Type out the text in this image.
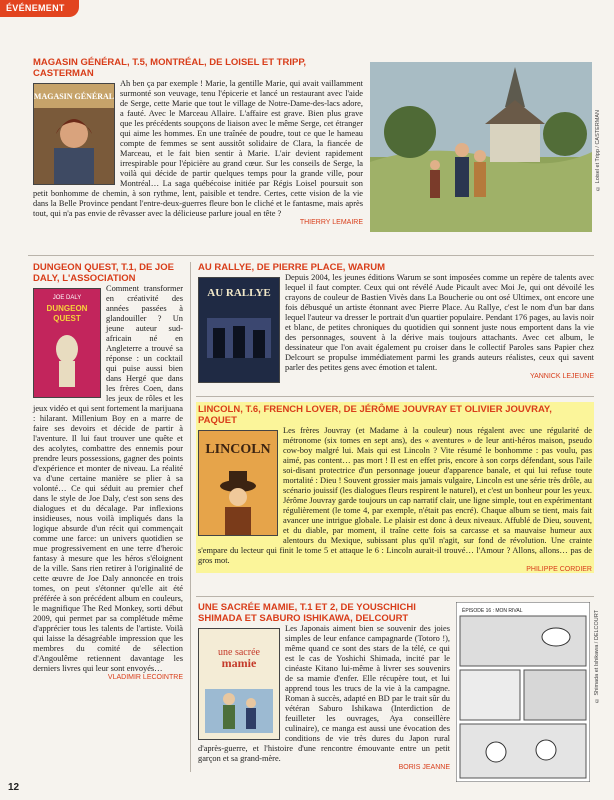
ÉVÉNEMENT

MAGASIN GÉNÉRAL, T.5, MONTRÉAL, DE LOISEL ET TRIPP, CASTERMAN

MAGASIN GÉNÉRAL

Ah ben ça par exemple ! Marie, la gentille Marie, qui avait vaillamment surmonté son veuvage, tenu l'épicerie et lancé un restaurant avec l'aide de Serge, cette Marie que tout le village de Notre-Dame-des-lacs adore, a fauté. Avec le Marceau Allaire. L'affaire est grave. Bien plus grave que les précédents soupçons de liaison avec le même Serge, cet étranger qui aime les hommes. En une traînée de poudre, tout ce que le hameau compte de femmes se sent aussitôt solidaire de Clara, la fiancée de Marceau, et le fait bien sentir à Marie. L'air devient rapidement irrespirable pour l'épicière au grand cœur. Sur les conseils de Serge, la voilà qui décide de partir quelques temps pour la grande ville, pour Montréal… La saga québécoise initiée par Régis Loisel poursuit son petit bonhomme de chemin, à son rythme, lent, paisible et tendre. Certes, cette vision de la vie dans la Belle Province pendant l'entre-deux-guerres fleure bon le cliché et le fantasme, mais après tout, qui n'a pas envie de rêvasser avec la délicieuse parlure joual en tête ?

THIERRY LEMAIRE

© Loisel et Tripp / CASTERMAN

DUNGEON QUEST, T.1, DE JOE DALY, L'ASSOCIATION

JOE DALY
DUNGEON
QUEST

Comment transformer en créativité des années passées à glandouiller ? Un jeune auteur sud-africain né en Angleterre a trouvé sa réponse : un cocktail qui puise aussi bien dans Hergé que dans les frères Coen, dans les jeux de rôles et les jeux vidéo et qui sent fortement la marijuana : hilarant. Millenium Boy en a marre de faire ses devoirs et décide de partir à l'aventure. Il lui faut trouver une quête et des acolytes, combattre des ennemis pour prendre leurs possessions, gagner des points d'expérience et monter de niveau. La réalité va d'une certaine manière se plier à sa volonté… Ce qui séduit au premier chef dans le style de Joe Daly, c'est son sens des dialogues et du décalage. Par inflexions insidieuses, nous voilà impliqués dans la logique absurde d'un récit qui commençait comme une farce: un univers quotidien se mue progressivement en une terre d'heroic fantasy à mesure que les héros s'éloignent de la ville. Sans rien retirer à l'originalité de cette œuvre de Joe Daly annoncée en trois tomes, on peut s'étonner qu'elle ait été préférée à son précédent album en couleurs, le magnifique The Red Monkey, sorti début 2009, qui permet par sa complétude même d'apprécier tous les talents de l'artiste. Voilà qui laisse la désagréable impression que les membres du comité de sélection d'Angoulême retiennent davantage les derniers livres qui leur sont envoyés…

VLADIMIR LECOINTRE

AU RALLYE, DE PIERRE PLACE, WARUM

AU RALLYE

Depuis 2004, les jeunes éditions Warum se sont imposées comme un repère de talents avec lequel il faut compter. Ceux qui ont révélé Aude Picault avec Moi Je, qui ont dévoilé les crayons de couleur de Bastien Vivès dans La Boucherie ou ont osé Ultimex, ont encore une fois débusqué un artiste étonnant avec Pierre Place. Au Rallye, c'est le nom d'un bar dans lequel l'auteur va dresser le portrait d'un quartier populaire. Pendant 176 pages, au lavis noir et blanc, de petites chroniques du quotidien qui sonnent juste nous emportent dans la vie des personnages, souvent à la dérive mais toujours attachants. Avec cet album, le dessinateur que l'on avait également pu croiser dans le collectif Paroles sans Papier chez Delcourt se propulse immédiatement parmi les grands auteurs réalistes, ceux qui savent parler des petites gens avec émotion et talent.

YANNICK LEJEUNE

LINCOLN, T.6, FRENCH LOVER, DE JÉRÔME JOUVRAY ET OLIVIER JOUVRAY, PAQUET

LINCOLN

Les frères Jouvray (et Madame à la couleur) nous régalent avec une régularité de métronome (six tomes en sept ans), des « aventures » de leur anti-héros maison, pseudo cow-boy malgré lui. Mais qui est Lincoln ? Vite résumé le bonhomme : pas voulu, pas aimé, pas content… pas mort ! Il est en effet pris, encore à son corps défendant, sous l'aile soi-disant protectrice d'un personnage joueur d'apparence banale, et qui lui refuse toute mortalité : Dieu ! Souvent grossier mais jamais vulgaire, Lincoln est une série très drôle, au scénario jouissif (les dialogues fleurs respirent le naturel), et c'est un bonheur pour les yeux. Jérôme Jouvray garde toujours un cap narratif clair, une ligne simple, tout en expérimentant régulièrement (le tome 4, par exemple, n'était pas encré). Chaque album se tient, mais fait avancer une intrigue globale. Le plaisir est donc à deux niveaux. Affublé de Dieu, souvent, et du diable, par moment, il traîne cette fois sa carcasse et sa mauvaise humeur aux alentours du Mexique, subissant plus qu'il n'agit, sur fond de révolution. Une crainte s'empare du lecteur qui finit le tome 5 et attaque le 6 : Lincoln aurait-il trouvé… l'Amour ? Allons, allons… pas de gros mot.

PHILIPPE CORDIER

UNE SACRÉE MAMIE, T.1 ET 2, DE YOUSCHICHI SHIMADA ET SABURO ISHIKAWA, DELCOURT

une sacrée
mamie

Les Japonais aiment bien se souvenir des joies simples de leur enfance campagnarde (Totoro !), même quand ce sont des stars de la télé, ce qui est le cas de Yoshichi Shimada, incité par le cinéaste Kitano lui-même à livrer ses souvenirs de sa mamie d'enfer. Elle récupère tout, et lui apprend tous les trucs de la vie à la campagne. Roman à succès, adapté en BD par le trait sûr du vétéran Saburo Ishikawa (Interdiction de feuilleter les ouvrages, Aya conseillère culinaire), ce manga est aussi une évocation des conditions de vie très dures du Japon rural d'après-guerre, et l'histoire d'une rencontre émouvante entre un petit garçon et sa grand-mère.

BORIS JEANNE

ÉPISODE 16 : MON RIVAL	© Shimada et Ishikawa / DELCOURT
12
